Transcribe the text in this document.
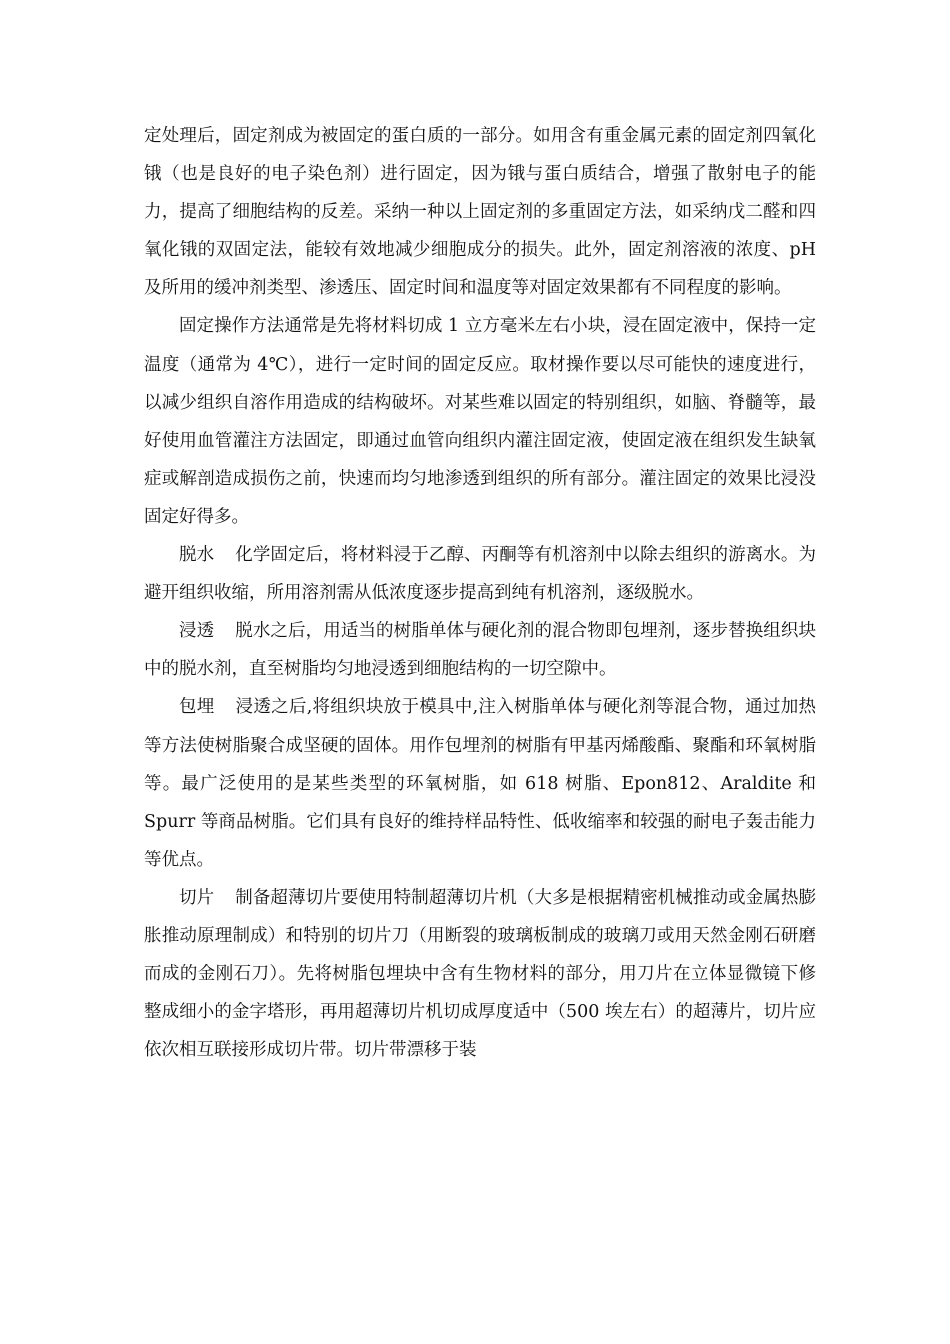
定处理后，固定剂成为被固定的蛋白质的一部分。如用含有重金属元素的固定剂四氧化锇（也是良好的电子染色剂）进行固定，因为锇与蛋白质结合，增强了散射电子的能力，提高了细胞结构的反差。采纳一种以上固定剂的多重固定方法，如采纳戊二醛和四氧化锇的双固定法，能较有效地减少细胞成分的损失。此外，固定剂溶液的浓度、pH及所用的缓冲剂类型、渗透压、固定时间和温度等对固定效果都有不同程度的影响。

固定操作方法通常是先将材料切成 1 立方毫米左右小块，浸在固定液中，保持一定温度（通常为 4℃），进行一定时间的固定反应。取材操作要以尽可能快的速度进行，以减少组织自溶作用造成的结构破坏。对某些难以固定的特别组织，如脑、脊髓等，最好使用血管灌注方法固定，即通过血管向组织内灌注固定液，使固定液在组织发生缺氧症或解剖造成损伤之前，快速而均匀地渗透到组织的所有部分。灌注固定的效果比浸没固定好得多。

脱水 化学固定后，将材料浸于乙醇、丙酮等有机溶剂中以除去组织的游离水。为避开组织收缩，所用溶剂需从低浓度逐步提高到纯有机溶剂，逐级脱水。

浸透 脱水之后，用适当的树脂单体与硬化剂的混合物即包埋剂，逐步替换组织块中的脱水剂，直至树脂均匀地浸透到细胞结构的一切空隙中。

包埋 浸透之后,将组织块放于模具中,注入树脂单体与硬化剂等混合物，通过加热等方法使树脂聚合成坚硬的固体。用作包埋剂的树脂有甲基丙烯酸酯、聚酯和环氧树脂等。最广泛使用的是某些类型的环氧树脂，如 618 树脂、Epon812、Araldite 和 Spurr 等商品树脂。它们具有良好的维持样品特性、低收缩率和较强的耐电子轰击能力等优点。

切片 制备超薄切片要使用特制超薄切片机（大多是根据精密机械推动或金属热膨胀推动原理制成）和特别的切片刀（用断裂的玻璃板制成的玻璃刀或用天然金刚石研磨而成的金刚石刀）。先将树脂包埋块中含有生物材料的部分，用刀片在立体显微镜下修整成细小的金字塔形，再用超薄切片机切成厚度适中（500 埃左右）的超薄片，切片应依次相互联接形成切片带。切片带漂移于装
